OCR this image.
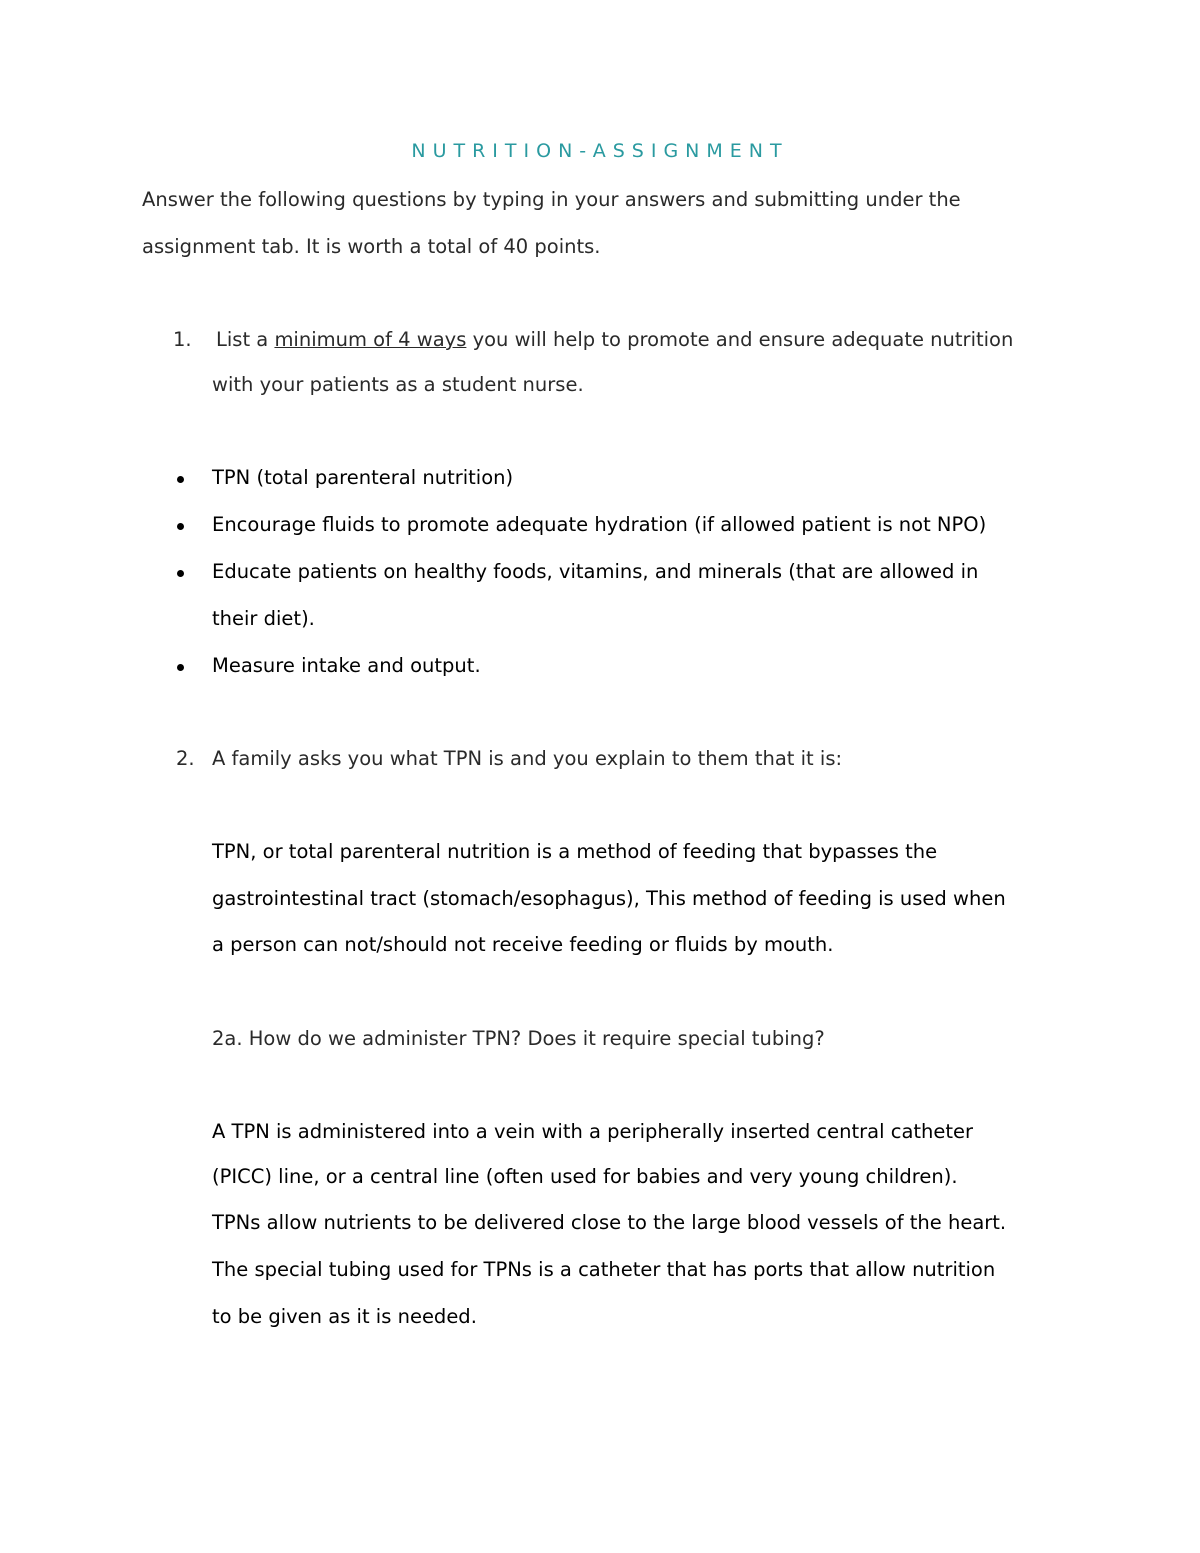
NUTRITION-ASSIGNMENT
Answer the following questions by typing in your answers and submitting under the
assignment tab. It is worth a total of 40 points.
1. List a minimum of 4 ways you will help to promote and ensure adequate nutrition
with your patients as a student nurse.
TPN (total parenteral nutrition)
Encourage fluids to promote adequate hydration (if allowed patient is not NPO)
Educate patients on healthy foods, vitamins, and minerals (that are allowed in
their diet).
Measure intake and output.
2. A family asks you what TPN is and you explain to them that it is:
TPN, or total parenteral nutrition is a method of feeding that bypasses the
gastrointestinal tract (stomach/esophagus), This method of feeding is used when
a person can not/should not receive feeding or fluids by mouth.
2a. How do we administer TPN? Does it require special tubing?
A TPN is administered into a vein with a peripherally inserted central catheter
(PICC) line, or a central line (often used for babies and very young children).
TPNs allow nutrients to be delivered close to the large blood vessels of the heart.
The special tubing used for TPNs is a catheter that has ports that allow nutrition
to be given as it is needed.
